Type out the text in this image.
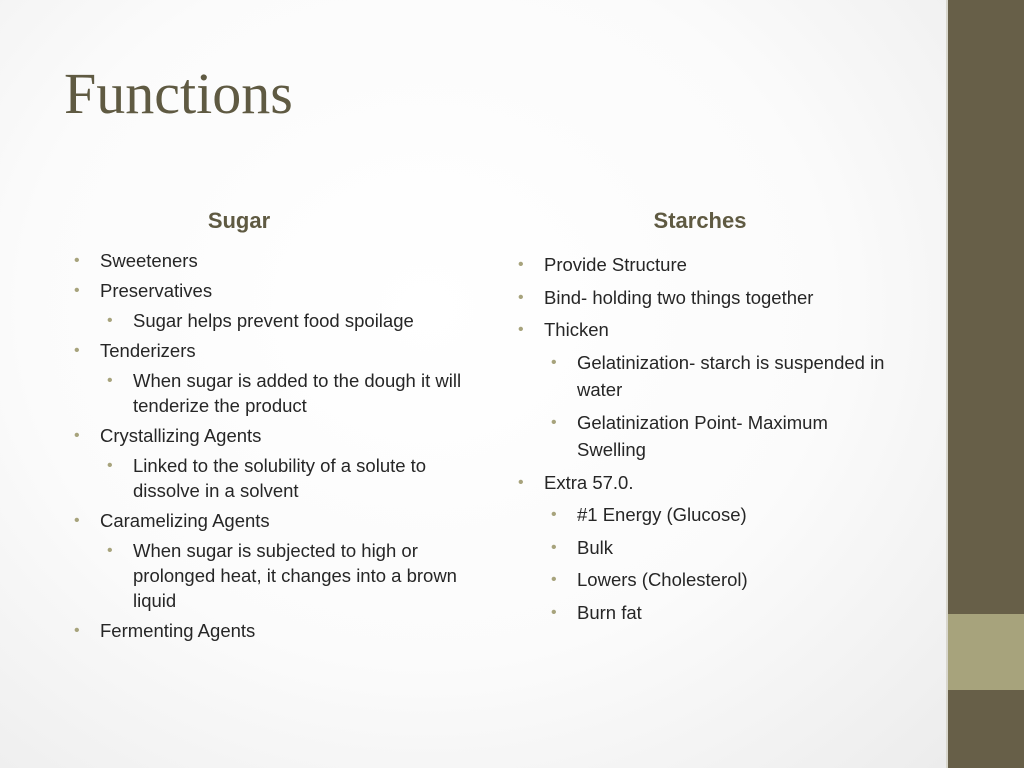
Functions
Sugar	Starches
• Sweeteners
• Preservatives
• Sugar helps prevent food spoilage
• Tenderizers
• When sugar is added to the dough it will tenderize the product
• Crystallizing Agents
• Linked to the solubility of a solute to dissolve in a solvent
• Caramelizing Agents
• When sugar is subjected to high or prolonged heat, it changes into a brown liquid
• Fermenting Agents
• Provide Structure
• Bind- holding two things together
• Thicken
• Gelatinization- starch is suspended in water
• Gelatinization Point- Maximum Swelling
• Extra 57.0.
• #1 Energy (Glucose)
• Bulk
• Lowers (Cholesterol)
• Burn fat
